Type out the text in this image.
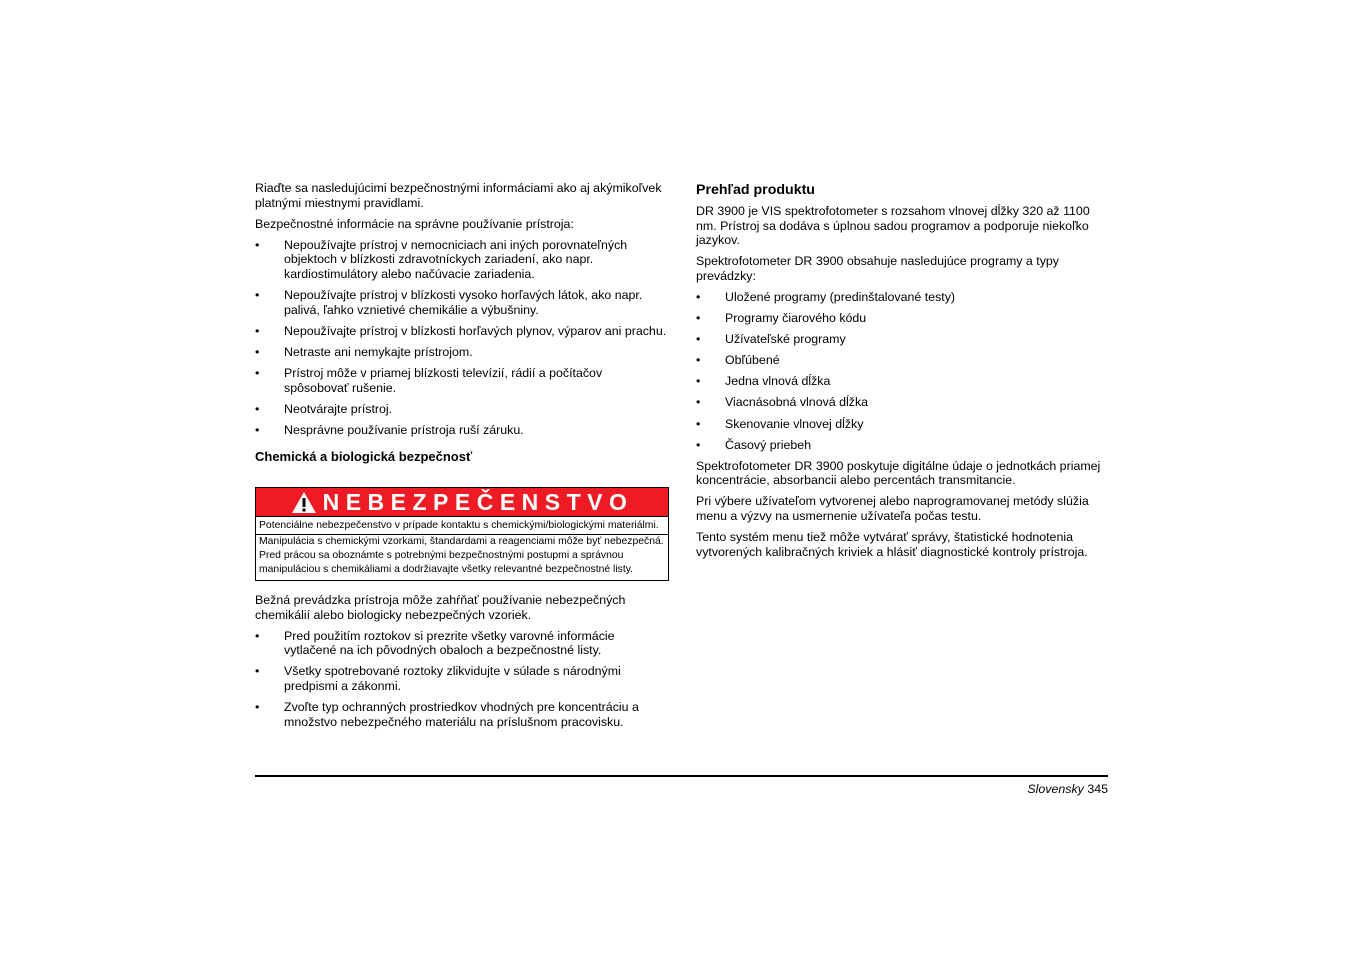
Riaďte sa nasledujúcimi bezpečnostnými informáciami ako aj akýmikoľvek platnými miestnymi pravidlami.

Bezpečnostné informácie na správne používanie prístroja:

• Nepoužívajte prístroj v nemocniciach ani iných porovnateľných objektoch v blízkosti zdravotníckych zariadení, ako napr. kardiostimulátory alebo načúvacie zariadenia.
• Nepoužívajte prístroj v blízkosti vysoko horľavých látok, ako napr. palivá, ľahko vznietivé chemikálie a výbušniny.
• Nepoužívajte prístroj v blízkosti horľavých plynov, výparov ani prachu.
• Netraste ani nemykajte prístrojom.
• Prístroj môže v priamej blízkosti televízií, rádií a počítačov spôsobovať rušenie.
• Neotvárajte prístroj.
• Nesprávne používanie prístroja ruší záruku.
Chemická a biologická bezpečnosť
NEBEZPEČENSTVO
Potenciálne nebezpečenstvo v prípade kontaktu s chemickými/biologickými materiálmi.

Manipulácia s chemickými vzorkami, štandardami a reagenciami môže byť nebezpečná.

Pred prácou sa oboznámte s potrebnými bezpečnostnými postupmi a správnou manipuláciou s chemikáliami a dodržiavajte všetky relevantné bezpečnostné listy.

Bežná prevádzka prístroja môže zahŕňať používanie nebezpečných chemikálií alebo biologicky nebezpečných vzoriek.

• Pred použitím roztokov si prezrite všetky varovné informácie vytlačené na ich pôvodných obaloch a bezpečnostné listy.
• Všetky spotrebované roztoky zlikvidujte v súlade s národnými predpismi a zákonmi.
• Zvoľte typ ochranných prostriedkov vhodných pre koncentráciu a množstvo nebezpečného materiálu na príslušnom pracovisku.
Prehľad produktu

DR 3900 je VIS spektrofotometer s rozsahom vlnovej dĺžky 320 až 1100 nm. Prístroj sa dodáva s úplnou sadou programov a podporuje niekoľko jazykov.

Spektrofotometer DR 3900 obsahuje nasledujúce programy a typy prevádzky:

• Uložené programy (predinštalované testy)
• Programy čiarového kódu
• Užívateľské programy
• Obľúbené
• Jedna vlnová dĺžka
• Viacnásobná vlnová dĺžka
• Skenovanie vlnovej dĺžky
• Časový priebeh

Spektrofotometer DR 3900 poskytuje digitálne údaje o jednotkách priamej koncentrácie, absorbancii alebo percentách transmitancie.

Pri výbere užívateľom vytvorenej alebo naprogramovanej metódy slúžia menu a výzvy na usmernenie užívateľa počas testu.

Tento systém menu tiež môže vytvárať správy, štatistické hodnotenia vytvorených kalibračných kriviek a hlásiť diagnostické kontroly prístroja.

Slovensky 345
